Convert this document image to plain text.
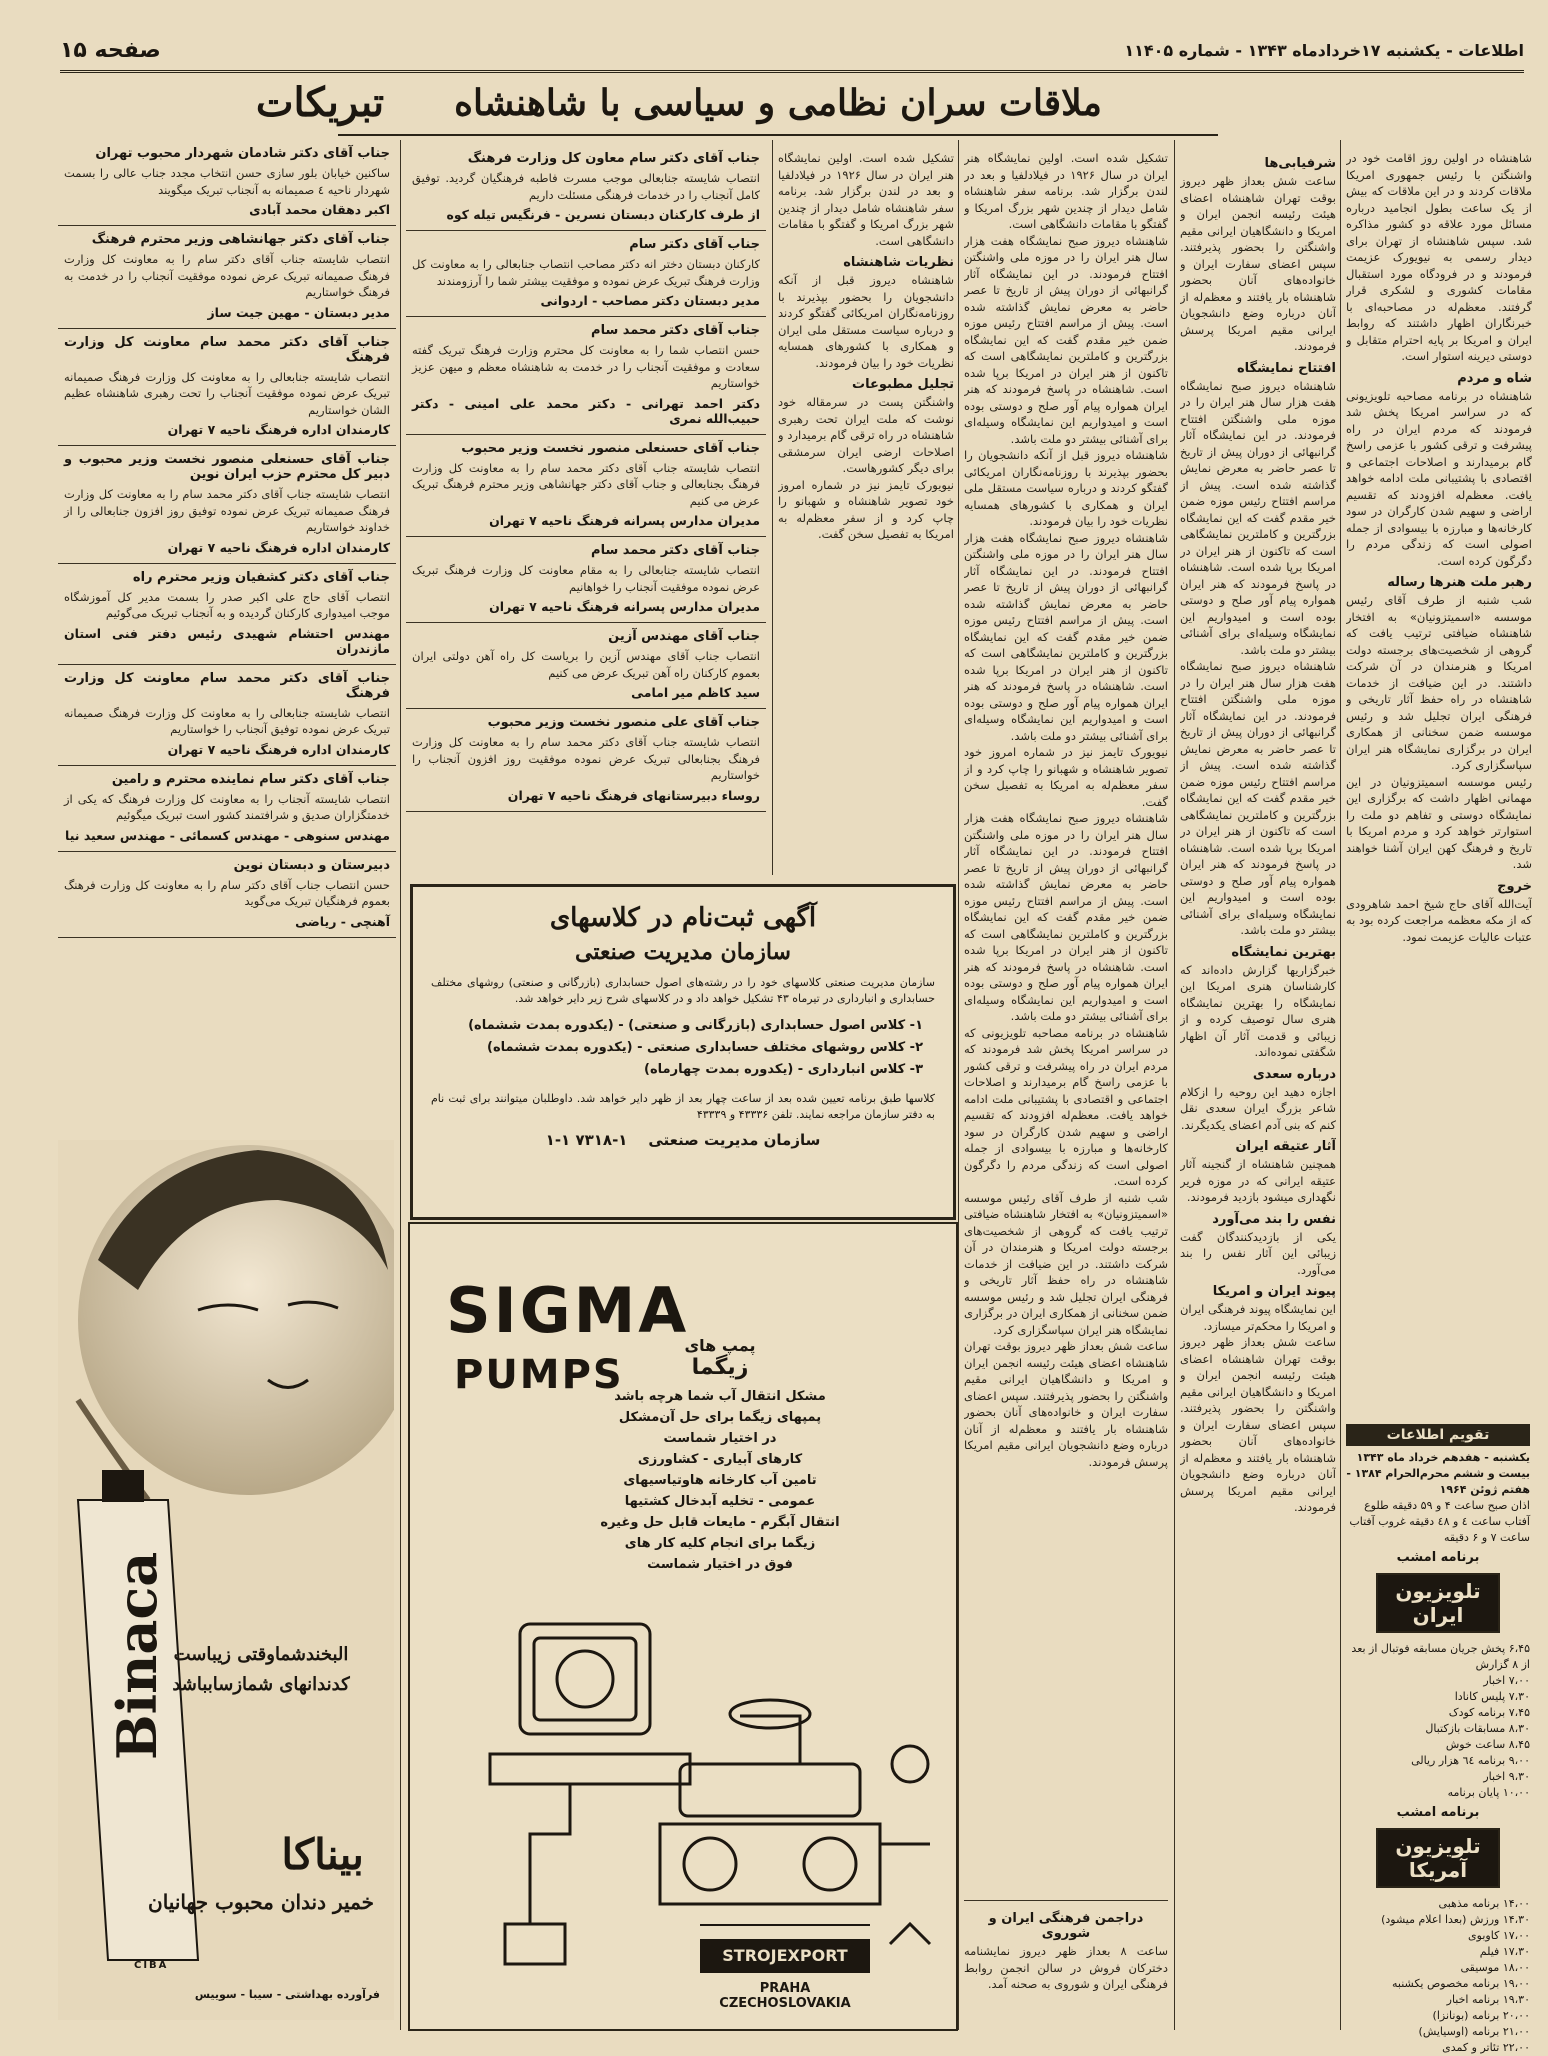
صفحه ۱۵	اطلاعات - یکشنبه ۱۷خرداد‌ماه ۱۳۴۳ - شماره ۱۱۴۰۵
ملاقات سران نظامی و سیاسی با شاهنشاه
تبریکات

شاهنشاه در اولین روز اقامت خود در واشنگتن با رئیس جمهوری امریکا ملاقات کردند و در این ملاقات که بیش از یک ساعت بطول انجامید درباره مسائل مورد علاقه دو کشور مذاکره شد. سپس شاهنشاه از تهران برای دیدار رسمی به نیویورک عزیمت فرمودند و در فرودگاه مورد استقبال مقامات کشوری و لشکری قرار گرفتند. معظم‌له در مصاحبه‌ای با خبرنگاران اظهار داشتند که روابط ایران و امریکا بر پایه احترام متقابل و دوستی دیرینه استوار است.

شاه و مردم

شاهنشاه در برنامه مصاحبه تلویزیونی که در سراسر امریکا پخش شد فرمودند که مردم ایران در راه پیشرفت و ترقی کشور با عزمی راسخ گام برمیدارند و اصلاحات اجتماعی و اقتصادی با پشتیبانی ملت ادامه خواهد یافت. معظم‌له افزودند که تقسیم اراضی و سهیم شدن کارگران در سود کارخانه‌ها و مبارزه با بیسوادی از جمله اصولی است که زندگی مردم را دگرگون کرده است.

رهبر ملت هنرها رساله

شب شنبه از طرف آقای رئیس موسسه «اسمیتزونیان» به افتخار شاهنشاه ضیافتی ترتیب یافت که گروهی از شخصیت‌های برجسته دولت امریکا و هنرمندان در آن شرکت داشتند. در این ضیافت از خدمات شاهنشاه در راه حفظ آثار تاریخی و فرهنگی ایران تجلیل شد و رئیس موسسه ضمن سخنانی از همکاری ایران در برگزاری نمایشگاه هنر ایران سپاسگزاری کرد.

رئیس موسسه اسمیتزونیان در این مهمانی اظهار داشت که برگزاری این نمایشگاه دوستی و تفاهم دو ملت را استوارتر خواهد کرد و مردم امریکا با تاریخ و فرهنگ کهن ایران آشنا خواهند شد.

خروج

آیت‌الله آقای حاج شیخ احمد شاهرودی که از مکه معظمه مراجعت کرده بود به عتبات عالیات عزیمت نمود.

تقویم اطلاعات
یکشنبه - هفدهم خرداد ماه ۱۳۴۳ بیست و ششم محرم‌الحرام ۱۳۸۴ - هفتم ژوئن ۱۹۶۴
اذان صبح ساعت ۴ و ۵۹ دقیقه طلوع آفتاب ساعت ٤ و ٤٨ دقیقه غروب آفتاب ساعت ۷ و ۶ دقیقه
برنامه امشب
تلویزیون ایران
۶،۴۵ پخش جریان مسابقه فوتبال از بعد از ۸ گزارش
۷،۰۰ اخبار
۷،۳۰ پلیس کانادا
۷،۴۵ برنامه کودک
۸،۳۰ مسابقات بازکتبال
۸،۴۵ ساعت خوش
۹،۰۰ برنامه ٦٤ هزار ریالی
۹،۳۰ اخبار
۱۰،۰۰ پایان برنامه
برنامه امشب
تلویزیون آمریکا
۱۴،۰۰ برنامه مذهبی
۱۴،۳۰ ورزش (بعدا اعلام میشود)
۱۷،۰۰ کاوبوی
۱۷،۳۰ فیلم
۱۸،۰۰ موسیقی
۱۹،۰۰ برنامه مخصوص یکشنبه
۱۹،۳۰ برنامه اخبار
۲۰،۰۰ برنامه (بونانزا)
۲۱،۰۰ برنامه (اوسیایش)
۲۲،۰۰ تئاتر و کمدی
شرفیابی‌ها

ساعت شش بعداز ظهر دیروز بوقت تهران شاهنشاه اعضای هیئت رئیسه انجمن ایران و امریکا و دانشگاهیان ایرانی مقیم واشنگتن را بحضور پذیرفتند. سپس اعضای سفارت ایران و خانواده‌های آنان بحضور شاهنشاه بار یافتند و معظم‌له از آنان درباره وضع دانشجویان ایرانی مقیم امریکا پرسش فرمودند.

افتتاح نمایشگاه

شاهنشاه دیروز صبح نمایشگاه هفت هزار سال هنر ایران را در موزه ملی واشنگتن افتتاح فرمودند. در این نمایشگاه آثار گرانبهائی از دوران پیش از تاریخ تا عصر حاضر به معرض نمایش گذاشته شده است. پیش از مراسم افتتاح رئیس موزه ضمن خیر مقدم گفت که این نمایشگاه بزرگترین و کاملترین نمایشگاهی است که تاکنون از هنر ایران در امریکا برپا شده است. شاهنشاه در پاسخ فرمودند که هنر ایران همواره پیام آور صلح و دوستی بوده است و امیدواریم این نمایشگاه وسیله‌ای برای آشنائی بیشتر دو ملت باشد.

شاهنشاه دیروز صبح نمایشگاه هفت هزار سال هنر ایران را در موزه ملی واشنگتن افتتاح فرمودند. در این نمایشگاه آثار گرانبهائی از دوران پیش از تاریخ تا عصر حاضر به معرض نمایش گذاشته شده است. پیش از مراسم افتتاح رئیس موزه ضمن خیر مقدم گفت که این نمایشگاه بزرگترین و کاملترین نمایشگاهی است که تاکنون از هنر ایران در امریکا برپا شده است. شاهنشاه در پاسخ فرمودند که هنر ایران همواره پیام آور صلح و دوستی بوده است و امیدواریم این نمایشگاه وسیله‌ای برای آشنائی بیشتر دو ملت باشد.

بهترین نمایشگاه

خبرگزاریها گزارش داده‌اند که کارشناسان هنری امریکا این نمایشگاه را بهترین نمایشگاه هنری سال توصیف کرده و از زیبائی و قدمت آثار آن اظهار شگفتی نموده‌اند.

درباره سعدی

اجازه دهید این روحیه را ازکلام شاعر بزرگ ایران سعدی نقل کنم که بنی آدم اعضای یکدیگرند.

آثار عتیقه ایران

همچنین شاهنشاه از گنجینه آثار عتیقه ایرانی که در موزه فریر نگهداری میشود بازدید فرمودند.

نفس را بند می‌آورد

یکی از بازدیدکنندگان گفت زیبائی این آثار نفس را بند می‌آورد.

پیوند ایران و امریکا

این نمایشگاه پیوند فرهنگی ایران و امریکا را محکم‌تر میسازد.

ساعت شش بعداز ظهر دیروز بوقت تهران شاهنشاه اعضای هیئت رئیسه انجمن ایران و امریکا و دانشگاهیان ایرانی مقیم واشنگتن را بحضور پذیرفتند. سپس اعضای سفارت ایران و خانواده‌های آنان بحضور شاهنشاه بار یافتند و معظم‌له از آنان درباره وضع دانشجویان ایرانی مقیم امریکا پرسش فرمودند.

تشکیل شده است. اولین نمایشگاه هنر ایران در سال ۱۹۲۶ در فیلادلفیا و بعد در لندن برگزار شد. برنامه سفر شاهنشاه شامل دیدار از چندین شهر بزرگ امریکا و گفتگو با مقامات دانشگاهی است.

شاهنشاه دیروز صبح نمایشگاه هفت هزار سال هنر ایران را در موزه ملی واشنگتن افتتاح فرمودند. در این نمایشگاه آثار گرانبهائی از دوران پیش از تاریخ تا عصر حاضر به معرض نمایش گذاشته شده است. پیش از مراسم افتتاح رئیس موزه ضمن خیر مقدم گفت که این نمایشگاه بزرگترین و کاملترین نمایشگاهی است که تاکنون از هنر ایران در امریکا برپا شده است. شاهنشاه در پاسخ فرمودند که هنر ایران همواره پیام آور صلح و دوستی بوده است و امیدواریم این نمایشگاه وسیله‌ای برای آشنائی بیشتر دو ملت باشد.

شاهنشاه دیروز قبل از آنکه دانشجویان را بحضور بپذیرند با روزنامه‌نگاران امریکائی گفتگو کردند و درباره سیاست مستقل ملی ایران و همکاری با کشورهای همسایه نظریات خود را بیان فرمودند.

شاهنشاه دیروز صبح نمایشگاه هفت هزار سال هنر ایران را در موزه ملی واشنگتن افتتاح فرمودند. در این نمایشگاه آثار گرانبهائی از دوران پیش از تاریخ تا عصر حاضر به معرض نمایش گذاشته شده است. پیش از مراسم افتتاح رئیس موزه ضمن خیر مقدم گفت که این نمایشگاه بزرگترین و کاملترین نمایشگاهی است که تاکنون از هنر ایران در امریکا برپا شده است. شاهنشاه در پاسخ فرمودند که هنر ایران همواره پیام آور صلح و دوستی بوده است و امیدواریم این نمایشگاه وسیله‌ای برای آشنائی بیشتر دو ملت باشد.

نیویورک تایمز نیز در شماره امروز خود تصویر شاهنشاه و شهبانو را چاپ کرد و از سفر معظم‌له به امریکا به تفصیل سخن گفت.

شاهنشاه دیروز صبح نمایشگاه هفت هزار سال هنر ایران را در موزه ملی واشنگتن افتتاح فرمودند. در این نمایشگاه آثار گرانبهائی از دوران پیش از تاریخ تا عصر حاضر به معرض نمایش گذاشته شده است. پیش از مراسم افتتاح رئیس موزه ضمن خیر مقدم گفت که این نمایشگاه بزرگترین و کاملترین نمایشگاهی است که تاکنون از هنر ایران در امریکا برپا شده است. شاهنشاه در پاسخ فرمودند که هنر ایران همواره پیام آور صلح و دوستی بوده است و امیدواریم این نمایشگاه وسیله‌ای برای آشنائی بیشتر دو ملت باشد.

شاهنشاه در برنامه مصاحبه تلویزیونی که در سراسر امریکا پخش شد فرمودند که مردم ایران در راه پیشرفت و ترقی کشور با عزمی راسخ گام برمیدارند و اصلاحات اجتماعی و اقتصادی با پشتیبانی ملت ادامه خواهد یافت. معظم‌له افزودند که تقسیم اراضی و سهیم شدن کارگران در سود کارخانه‌ها و مبارزه با بیسوادی از جمله اصولی است که زندگی مردم را دگرگون کرده است.

شب شنبه از طرف آقای رئیس موسسه «اسمیتزونیان» به افتخار شاهنشاه ضیافتی ترتیب یافت که گروهی از شخصیت‌های برجسته دولت امریکا و هنرمندان در آن شرکت داشتند. در این ضیافت از خدمات شاهنشاه در راه حفظ آثار تاریخی و فرهنگی ایران تجلیل شد و رئیس موسسه ضمن سخنانی از همکاری ایران در برگزاری نمایشگاه هنر ایران سپاسگزاری کرد.

ساعت شش بعداز ظهر دیروز بوقت تهران شاهنشاه اعضای هیئت رئیسه انجمن ایران و امریکا و دانشگاهیان ایرانی مقیم واشنگتن را بحضور پذیرفتند. سپس اعضای سفارت ایران و خانواده‌های آنان بحضور شاهنشاه بار یافتند و معظم‌له از آنان درباره وضع دانشجویان ایرانی مقیم امریکا پرسش فرمودند.

تشکیل شده است. اولین نمایشگاه هنر ایران در سال ۱۹۲۶ در فیلادلفیا و بعد در لندن برگزار شد. برنامه سفر شاهنشاه شامل دیدار از چندین شهر بزرگ امریکا و گفتگو با مقامات دانشگاهی است.

نظریات شاهنشاه

شاهنشاه دیروز قبل از آنکه دانشجویان را بحضور بپذیرند با روزنامه‌نگاران امریکائی گفتگو کردند و درباره سیاست مستقل ملی ایران و همکاری با کشورهای همسایه نظریات خود را بیان فرمودند.

تجلیل مطبوعات

واشنگتن پست در سرمقاله خود نوشت که ملت ایران تحت رهبری شاهنشاه در راه ترقی گام برمیدارد و اصلاحات ارضی ایران سرمشقی برای دیگر کشورهاست.

نیویورک تایمز نیز در شماره امروز خود تصویر شاهنشاه و شهبانو را چاپ کرد و از سفر معظم‌له به امریکا به تفصیل سخن گفت.

دراجمن فرهنگی ایران و شوروی

ساعت ۸ بعداز ظهر دیروز نمایشنامه دخترکان فروش در سالن انجمن روابط فرهنگی ایران و شوروی به صحنه آمد.

جناب آقای دکتر سام معاون کل وزارت فرهنگ

انتصاب شایسته جنابعالی موجب مسرت فاطبه فرهنگیان گردید. توفیق کامل آنجناب را در خدمات فرهنگی مسئلت داریم

از طرف کارکنان دبستان نسرین - فرنگیس تیله کوه
جناب آقای دکتر سام

کارکنان دبستان دختر انه دکتر مصاحب انتصاب جنابعالی را به معاونت کل وزارت فرهنگ تبریک عرض نموده و موفقیت بیشتر شما را آرزومندند

مدیر دبستان دکتر مصاحب - اردوانی
جناب آقای دکتر محمد سام

حسن انتصاب شما را به معاونت کل محترم وزارت فرهنگ تبریک گفته سعادت و موفقیت آنجناب را در خدمت به شاهنشاه معظم و میهن عزیز خواستاریم

دکتر احمد تهرانی - دکتر محمد علی امینی - دکتر حبیب‌الله نمری
جناب آقای حسنعلی منصور نخست وزیر محبوب

انتصاب شایسته جناب آقای دکتر محمد سام را به معاونت کل وزارت فرهنگ بجنابعالی و جناب آقای دکتر جهانشاهی وزیر محترم فرهنگ تبریک عرض می کنیم

مدیران مدارس پسرانه فرهنگ ناحیه ۷ تهران
جناب آقای دکتر محمد سام

انتصاب شایسته جنابعالی را به مقام معاونت کل وزارت فرهنگ تبریک عرض نموده موفقیت آنجناب را خواهانیم

مدیران مدارس پسرانه فرهنگ ناحیه ۷ تهران
جناب آقای مهندس آزین

انتصاب جناب آقای مهندس آزین را بریاست کل راه آهن دولتی ایران بعموم کارکنان راه آهن تبریک عرض می کنیم

سید کاظم میر امامی
جناب آقای علی منصور نخست وزیر محبوب

انتصاب شایسته جناب آقای دکتر محمد سام را به معاونت کل وزارت فرهنگ بجنابعالی تبریک عرض نموده موفقیت روز افزون آنجناب را خواستاریم

روساء دبیرستانهای فرهنگ ناحیه ۷ تهران
جناب آقای دکتر شادمان شهردار محبوب تهران

ساکنین خیابان بلور سازی حسن انتخاب مجدد جناب عالی را بسمت شهردار ناحیه ٤ صمیمانه به آنجناب تبریک میگویند

اکبر دهقان محمد آبادی
جناب آقای دکتر جهانشاهی وزیر محترم فرهنگ

انتصاب شایسته جناب آقای دکتر سام را به معاونت کل وزارت فرهنگ صمیمانه تبریک عرض نموده موفقیت آنجناب را در خدمت به فرهنگ خواستاریم

مدیر دبستان - مهین جیت ساز
جناب آقای دکتر محمد سام معاونت کل وزارت فرهنگ

انتصاب شایسته جنابعالی را به معاونت کل وزارت فرهنگ صمیمانه تبریک عرض نموده موفقیت آنجناب را تحت رهبری شاهنشاه عظیم الشان خواستاریم

کارمندان اداره فرهنگ ناحیه ۷ تهران
جناب آقای حسنعلی منصور نخست وزیر محبوب و دبیر کل محترم حزب ایران نوین

انتصاب شایسته جناب آقای دکتر محمد سام را به معاونت کل وزارت فرهنگ صمیمانه تبریک عرض نموده توفیق روز افزون جنابعالی را از خداوند خواستاریم

کارمندان اداره فرهنگ ناحیه ۷ تهران
جناب آقای دکتر کشفیان وزیر محترم راه

انتصاب آقای حاج علی اکبر صدر را بسمت مدیر کل آموزشگاه موجب امیدواری کارکنان گردیده و به آنجناب تبریک می‌گوئیم

مهندس احتشام شهیدی رئیس دفتر فنی استان مازندران
جناب آقای دکتر محمد سام معاونت کل وزارت فرهنگ

انتصاب شایسته جنابعالی را به معاونت کل وزارت فرهنگ صمیمانه تبریک عرض نموده توفیق آنجناب را خواستاریم

کارمندان اداره فرهنگ ناحیه ۷ تهران
جناب آقای دکتر سام نماینده محترم و رامین

انتصاب شایسته آنجناب را به معاونت کل وزارت فرهنگ که یکی از خدمتگزاران صدیق و شرافتمند کشور است تبریک میگوئیم

مهندس سنوهی - مهندس کسمائی - مهندس سعید نیا
دبیرستان و دبستان نوین

حسن انتصاب جناب آقای دکتر سام را به معاونت کل وزارت فرهنگ بعموم فرهنگیان تبریک می‌گوید

آهنچی - ریاضی	آگهی ثبت‌نام در کلاسهای
سازمان مدیریت صنعتی
سازمان مدیریت صنعتی کلاسهای خود را در رشته‌های اصول حسابداری (بازرگانی و صنعتی) روشهای مختلف حسابداری و انبارداری در تیرماه ۴۳ تشکیل خواهد داد و در کلاسهای شرح زیر دایر خواهد شد.
۱- کلاس اصول حسابداری (بازرگانی و صنعتی) - (یکدوره بمدت ششماه)
۲- کلاس روشهای مختلف حسابداری صنعتی - (یکدوره بمدت ششماه)
۳- کلاس انبارداری - (یکدوره بمدت چهارماه)
کلاسها طبق برنامه تعیین شده بعد از ساعت چهار بعد از ظهر دایر خواهد شد. داوطلبان میتوانند برای ثبت نام به دفتر سازمان مراجعه نمایند. تلفن ۴۳۳۳۶ و ۴۳۳۳۹
سازمان مدیریت صنعتی    ۱-۷۳۱۸ ۱-۱
SIGMA
PUMPS
پمپ های
زیگما
مشکل انتقال آب شما هرچه باشد
پمپهای زیگما برای حل آن‌مشکل
در اختیار شماست
کارهای آبیاری - کشاورزی
تامین آب کارخانه هاوتیاسیهای
عمومی - تخلیه آبدخال کشتیها
انتقال آبگرم - مایعات قابل حل وغیره
زیگما برای انجام کلیه کار های
فوق در اختیار شماست
STROJEXPORT
PRAHA CZECHOSLOVAKIA
Binaca البخندشماوقتی زیباست
کدندانهای شمازسابباشد
بیناکا
خمیر دندان محبوب جهانیان
CIBA
فرآورده بهداشتی - سیبا - سوییس
